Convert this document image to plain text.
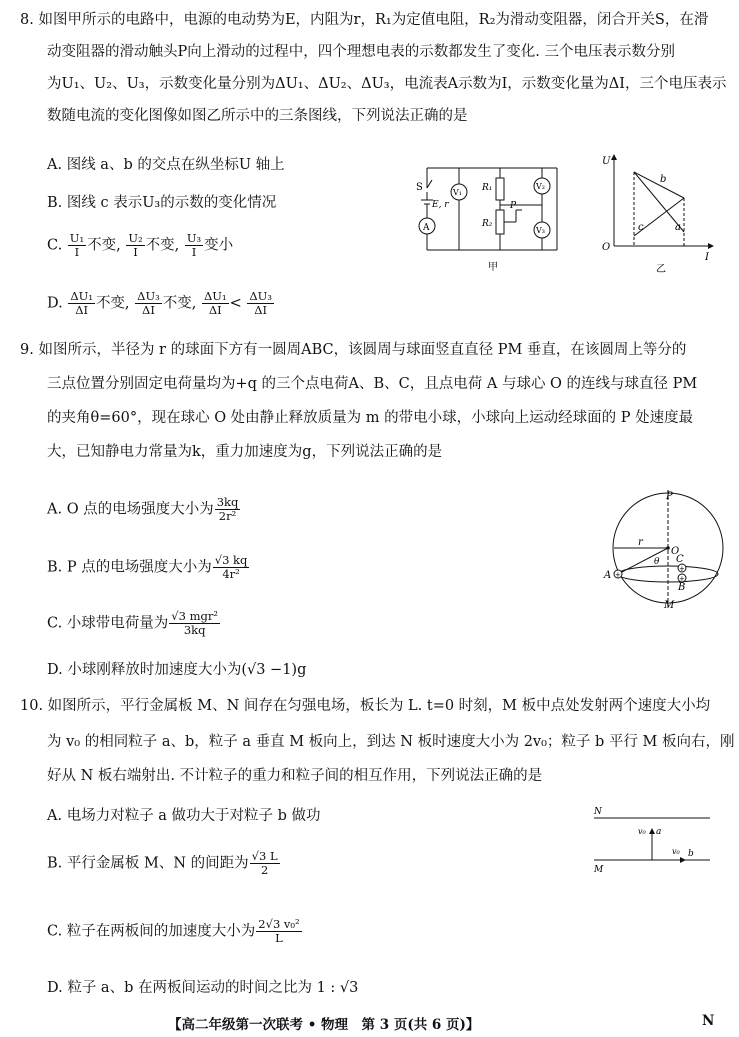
8. 如图甲所示的电路中，电源的电动势为E，内阻为r，R₁为定值电阻，R₂为滑动变阻器，闭合开关S，在滑
动变阻器的滑动触头P向上滑动的过程中，四个理想电表的示数都发生了变化. 三个电压表示数分别
为U₁、U₂、U₃，示数变化量分别为ΔU₁、ΔU₂、ΔU₃，电流表A示数为I，示数变化量为ΔI，三个电压表示
数随电流的变化图像如图乙所示中的三条图线，下列说法正确的是
A. 图线 a、b 的交点在纵坐标U 轴上
B. 图线 c 表示U₃的示数的变化情况
C. $\frac{\text{U₁}}{I}$ 不变, $\frac{\text{U₂}}{I}$ 不变, $\frac{\text{U₃}}{I}$ 变小
D. $\frac{\text{ΔU₁}}{\Delta I}$ 不变, $\frac{\text{ΔU₃}}{\Delta I}$ 不变, $\frac{\text{ΔU₁}}{\Delta I} < \frac{\text{ΔU₃}}{\Delta I}$
S
E, r
A
V₁ R₁
R₂
P
V₂
V₃
甲
U
O
I
b
a
c
乙
9. 如图所示，半径为 r 的球面下方有一圆周ABC，该圆周与球面竖直直径 PM 垂直，在该圆周上等分的
三点位置分别固定电荷量均为+q 的三个点电荷A、B、C，且点电荷 A 与球心 O 的连线与球直径 PM
的夹角θ=60°，现在球心 O 处由静止释放质量为 m 的带电小球，小球向上运动经球面的 P 处速度最
大，已知静电力常量为k，重力加速度为g，下列说法正确的是
A. O 点的电场强度大小为 $\frac{3kq}{\text{2r²}}$
B. P 点的电场强度大小为 $\frac{√3 kq}{\text{4r²}}$
C. 小球带电荷量为 $\frac{\text{√3 mgr²}}{3kq}$
D. 小球刚释放时加速度大小为(√3 −1)g
+
+
+
P
M
O
r
θ
A
B
C
10. 如图所示，平行金属板 M、N 间存在匀强电场，板长为 L. t=0 时刻，M 板中点处发射两个速度大小均
为 v₀ 的相同粒子 a、b，粒子 a 垂直 M 板向上，到达 N 板时速度大小为 2v₀；粒子 b 平行 M 板向右，刚
好从 N 板右端射出. 不计粒子的重力和粒子间的相互作用，下列说法正确的是
A. 电场力对粒子 a 做功大于对粒子 b 做功
B. 平行金属板 M、N 的间距为 $\frac{√3 L}{2}$
C. 粒子在两板间的加速度大小为 $\frac{\text{2√3 v₀²}}{L}$
D. 粒子 a、b 在两板间运动的时间之比为 1 : √3
N
M
v₀ a
v₀ b
【高二年级第一次联考 • 物理　第 3 页(共 6 页)】	N
